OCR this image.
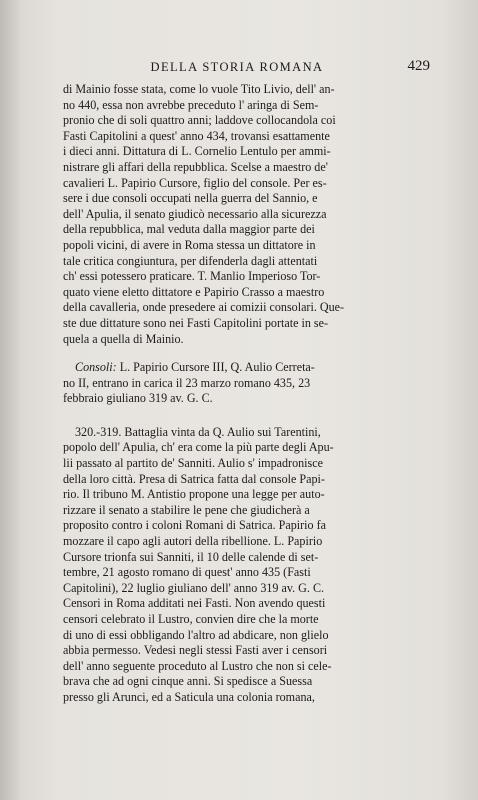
DELLA STORIA ROMANA	429
di Mainio fosse stata, come lo vuole Tito Livio, dell' an-
no 440, essa non avrebbe preceduto l' aringa di Sem-
pronio che di soli quattro anni; laddove collocandola coi
Fasti Capitolini a quest' anno 434, trovansi esattamente
i dieci anni. Dittatura di L. Cornelio Lentulo per ammi-
nistrare gli affari della repubblica. Scelse a maestro de'
cavalieri L. Papirio Cursore, figlio del console. Per es-
sere i due consoli occupati nella guerra del Sannio, e
dell' Apulia, il senato giudicò necessario alla sicurezza
della repubblica, mal veduta dalla maggior parte dei
popoli vicini, di avere in Roma stessa un dittatore in
tale critica congiuntura, per difenderla dagli attentati
ch' essi potessero praticare. T. Manlio Imperioso Tor-
quato viene eletto dittatore e Papirio Crasso a maestro
della cavalleria, onde presedere ai comizii consolari. Que-
ste due dittature sono nei Fasti Capitolini portate in se-
quela a quella di Mainio.
Consoli: L. Papirio Cursore III, Q. Aulio Cerreta-
no II, entrano in carica il 23 marzo romano 435, 23
febbraio giuliano 319 av. G. C.
320.-319. Battaglia vinta da Q. Aulio sui Tarentini,
popolo dell' Apulia, ch' era come la più parte degli Apu-
lii passato al partito de' Sanniti. Aulio s' impadronisce
della loro città. Presa di Satrica fatta dal console Papi-
rio. Il tribuno M. Antistio propone una legge per auto-
rizzare il senato a stabilire le pene che giudicherà a
proposito contro i coloni Romani di Satrica. Papirio fa
mozzare il capo agli autori della ribellione. L. Papirio
Cursore trionfa sui Sanniti, il 10 delle calende di set-
tembre, 21 agosto romano di quest' anno 435 (Fasti
Capitolini), 22 luglio giuliano dell' anno 319 av. G. C.
Censori in Roma additati nei Fasti. Non avendo questi
censori celebrato il Lustro, convien dire che la morte
di uno di essi obbligando l'altro ad abdicare, non glielo
abbia permesso. Vedesi negli stessi Fasti aver i censori
dell' anno seguente proceduto al Lustro che non si cele-
brava che ad ogni cinque anni. Si spedisce a Suessa
presso gli Arunci, ed a Saticula una colonia romana,
